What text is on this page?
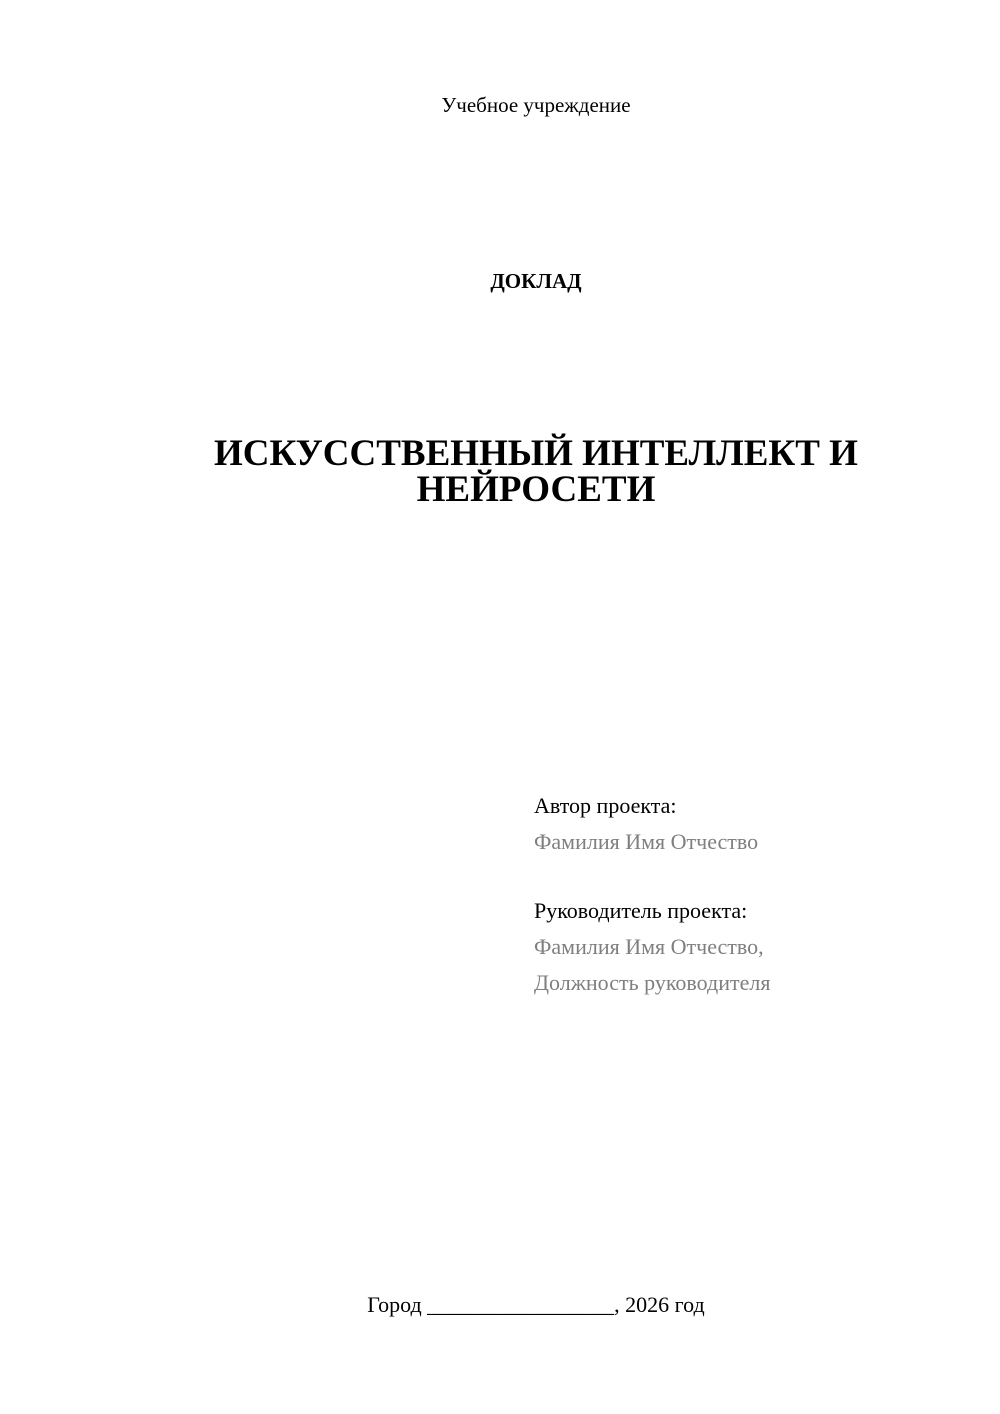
Учебное учреждение
ДОКЛАД
ИСКУССТВЕННЫЙ ИНТЕЛЛЕКТ И
НЕЙРОСЕТИ
Автор проекта:
Фамилия Имя Отчество
Руководитель проекта:
Фамилия Имя Отчество,
Должность руководителя
Город _________________, 2026 год
